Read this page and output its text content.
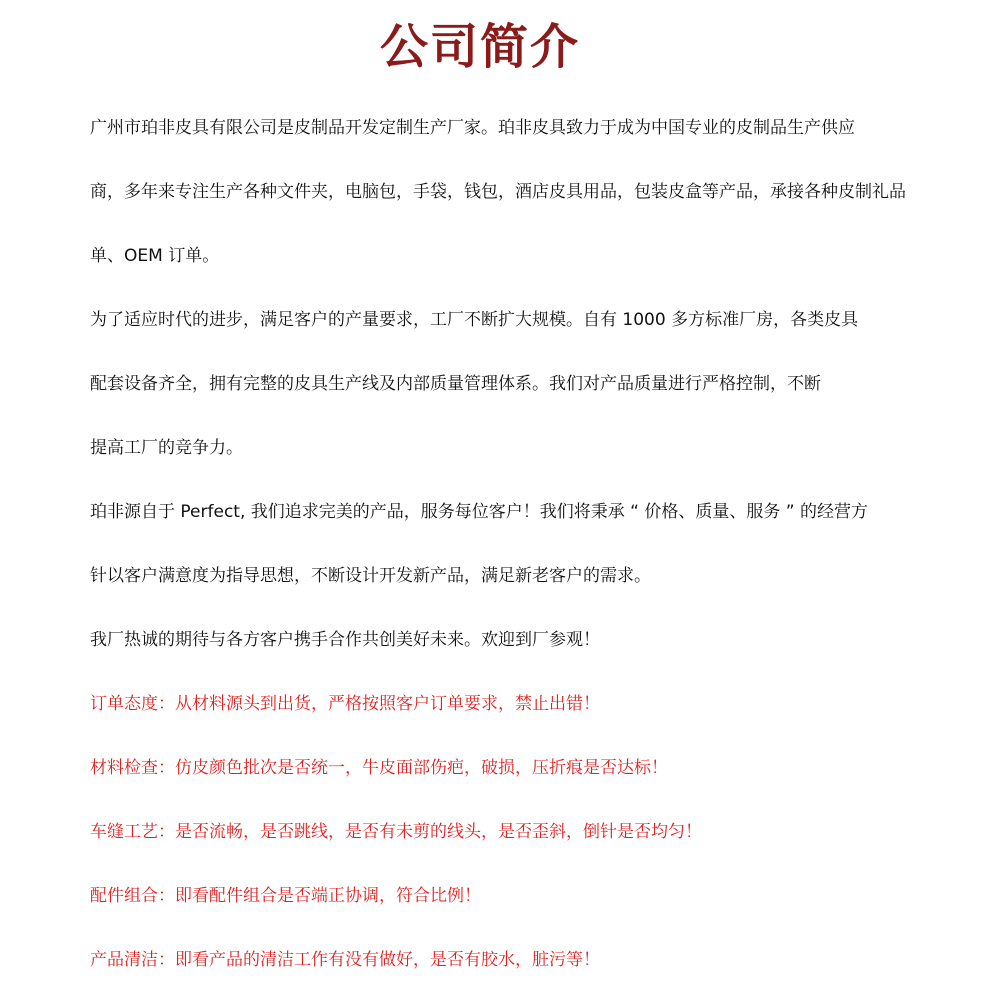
公司简介
广州市珀非皮具有限公司是皮制品开发定制生产厂家。珀非皮具致力于成为中国专业的皮制品生产供应
商，多年来专注生产各种文件夹，电脑包，手袋，钱包，酒店皮具用品，包装皮盒等产品，承接各种皮制礼品
单、OEM 订单。
为了适应时代的进步，满足客户的产量要求，工厂不断扩大规模。自有 1000 多方标准厂房，各类皮具
配套设备齐全，拥有完整的皮具生产线及内部质量管理体系。我们对产品质量进行严格控制，不断
提高工厂的竞争力。
珀非源自于 Perfect, 我们追求完美的产品，服务每位客户！我们将秉承 “ 价格、质量、服务 ” 的经营方
针以客户满意度为指导思想，不断设计开发新产品，满足新老客户的需求。
我厂热诚的期待与各方客户携手合作共创美好未来。欢迎到厂参观！
订单态度：从材料源头到出货，严格按照客户订单要求，禁止出错！
材料检查：仿皮颜色批次是否统一，牛皮面部伤疤，破损，压折痕是否达标！
车缝工艺：是否流畅，是否跳线，是否有未剪的线头，是否歪斜，倒针是否均匀！
配件组合：即看配件组合是否端正协调，符合比例！
产品清洁：即看产品的清洁工作有没有做好，是否有胶水，脏污等！
